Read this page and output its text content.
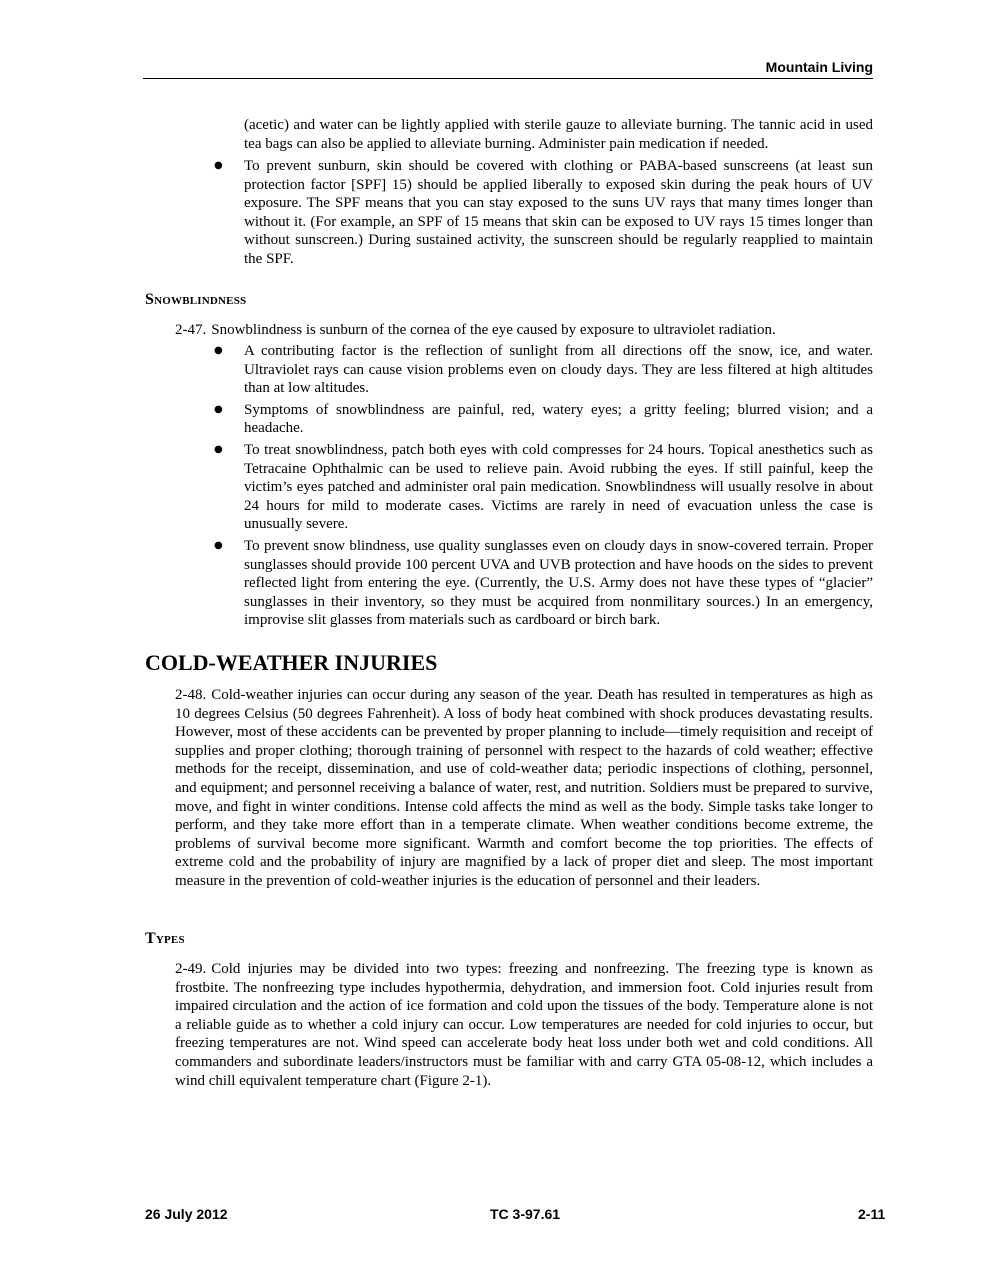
Mountain Living

(acetic) and water can be lightly applied with sterile gauze to alleviate burning. The tannic acid in used tea bags can also be applied to alleviate burning. Administer pain medication if needed.

● To prevent sunburn, skin should be covered with clothing or PABA-based sunscreens (at least sun protection factor [SPF] 15) should be applied liberally to exposed skin during the peak hours of UV exposure. The SPF means that you can stay exposed to the suns UV rays that many times longer than without it. (For example, an SPF of 15 means that skin can be exposed to UV rays 15 times longer than without sunscreen.) During sustained activity, the sunscreen should be regularly reapplied to maintain the SPF.
Snowblindness

2-47. Snowblindness is sunburn of the cornea of the eye caused by exposure to ultraviolet radiation.

● A contributing factor is the reflection of sunlight from all directions off the snow, ice, and water. Ultraviolet rays can cause vision problems even on cloudy days. They are less filtered at high altitudes than at low altitudes.
● Symptoms of snowblindness are painful, red, watery eyes; a gritty feeling; blurred vision; and a headache.
● To treat snowblindness, patch both eyes with cold compresses for 24 hours. Topical anesthetics such as Tetracaine Ophthalmic can be used to relieve pain. Avoid rubbing the eyes. If still painful, keep the victim’s eyes patched and administer oral pain medication. Snowblindness will usually resolve in about 24 hours for mild to moderate cases. Victims are rarely in need of evacuation unless the case is unusually severe.
● To prevent snow blindness, use quality sunglasses even on cloudy days in snow-covered terrain. Proper sunglasses should provide 100 percent UVA and UVB protection and have hoods on the sides to prevent reflected light from entering the eye. (Currently, the U.S. Army does not have these types of “glacier” sunglasses in their inventory, so they must be acquired from nonmilitary sources.) In an emergency, improvise slit glasses from materials such as cardboard or birch bark.
COLD-WEATHER INJURIES

2-48. Cold-weather injuries can occur during any season of the year. Death has resulted in temperatures as high as 10 degrees Celsius (50 degrees Fahrenheit). A loss of body heat combined with shock produces devastating results. However, most of these accidents can be prevented by proper planning to include—timely requisition and receipt of supplies and proper clothing; thorough training of personnel with respect to the hazards of cold weather; effective methods for the receipt, dissemination, and use of cold-weather data; periodic inspections of clothing, personnel, and equipment; and personnel receiving a balance of water, rest, and nutrition. Soldiers must be prepared to survive, move, and fight in winter conditions. Intense cold affects the mind as well as the body. Simple tasks take longer to perform, and they take more effort than in a temperate climate. When weather conditions become extreme, the problems of survival become more significant. Warmth and comfort become the top priorities. The effects of extreme cold and the probability of injury are magnified by a lack of proper diet and sleep. The most important measure in the prevention of cold-weather injuries is the education of personnel and their leaders.

Types

2-49. Cold injuries may be divided into two types: freezing and nonfreezing. The freezing type is known as frostbite. The nonfreezing type includes hypothermia, dehydration, and immersion foot. Cold injuries result from impaired circulation and the action of ice formation and cold upon the tissues of the body. Temperature alone is not a reliable guide as to whether a cold injury can occur. Low temperatures are needed for cold injuries to occur, but freezing temperatures are not. Wind speed can accelerate body heat loss under both wet and cold conditions. All commanders and subordinate leaders/instructors must be familiar with and carry GTA 05-08-12, which includes a wind chill equivalent temperature chart (Figure 2-1).

26 July 2012	TC 3-97.61	2-11
